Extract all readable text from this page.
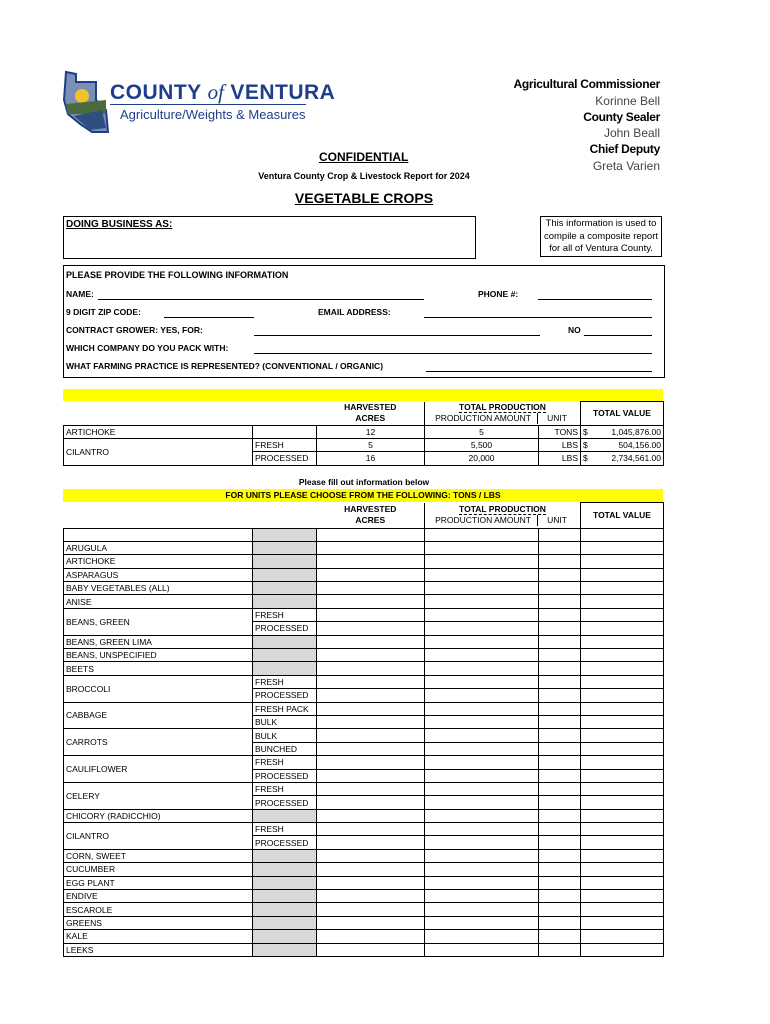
COUNTY of VENTURA
Agriculture/Weights & Measures
Agricultural Commissioner
Korinne Bell
County Sealer
John Beall
Chief Deputy
Greta Varien
CONFIDENTIAL
Ventura County Crop & Livestock Report for 2024
VEGETABLE CROPS
DOING BUSINESS AS:	This information is used to compile a composite report for all of Ventura County.
PLEASE PROVIDE THE FOLLOWING INFORMATION
NAME:	PHONE #:
9 DIGIT ZIP CODE:	EMAIL ADDRESS:
CONTRACT GROWER: YES, FOR:	NO
WHICH COMPANY DO YOU PACK WITH:
WHAT FARMING PRACTICE IS REPRESENTED? (CONVENTIONAL / ORGANIC)
		HARVESTED
ACRES	TOTAL PRODUCTION
PRODUCTION AMOUNT UNIT		TOTAL VALUE
ARTICHOKE		12	5	TONS	$ 1,045,876.00
CILANTRO	FRESH	5	5,500	LBS	$ 504,156.00
	PROCESSED	16	20,000	LBS	$ 2,734,561.00
Please fill out information below
FOR UNITS PLEASE CHOOSE FROM THE FOLLOWING: TONS / LBS
		HARVESTED
ACRES	TOTAL PRODUCTION
PRODUCTION AMOUNT UNIT		TOTAL VALUE

ARUGULA					
ARTICHOKE					
ASPARAGUS					
BABY VEGETABLES (ALL)					
ANISE					
BEANS, GREEN	FRESH				
	PROCESSED				
BEANS, GREEN LIMA					
BEANS, UNSPECIFIED					
BEETS					
BROCCOLI	FRESH				
	PROCESSED				
CABBAGE	FRESH PACK				
	BULK				
CARROTS	BULK				
	BUNCHED				
CAULIFLOWER	FRESH				
	PROCESSED				
CELERY	FRESH				
	PROCESSED				
CHICORY (RADICCHIO)					
CILANTRO	FRESH				
	PROCESSED				
CORN, SWEET					
CUCUMBER					
EGG PLANT					
ENDIVE					
ESCAROLE					
GREENS					
KALE					
LEEKS					
